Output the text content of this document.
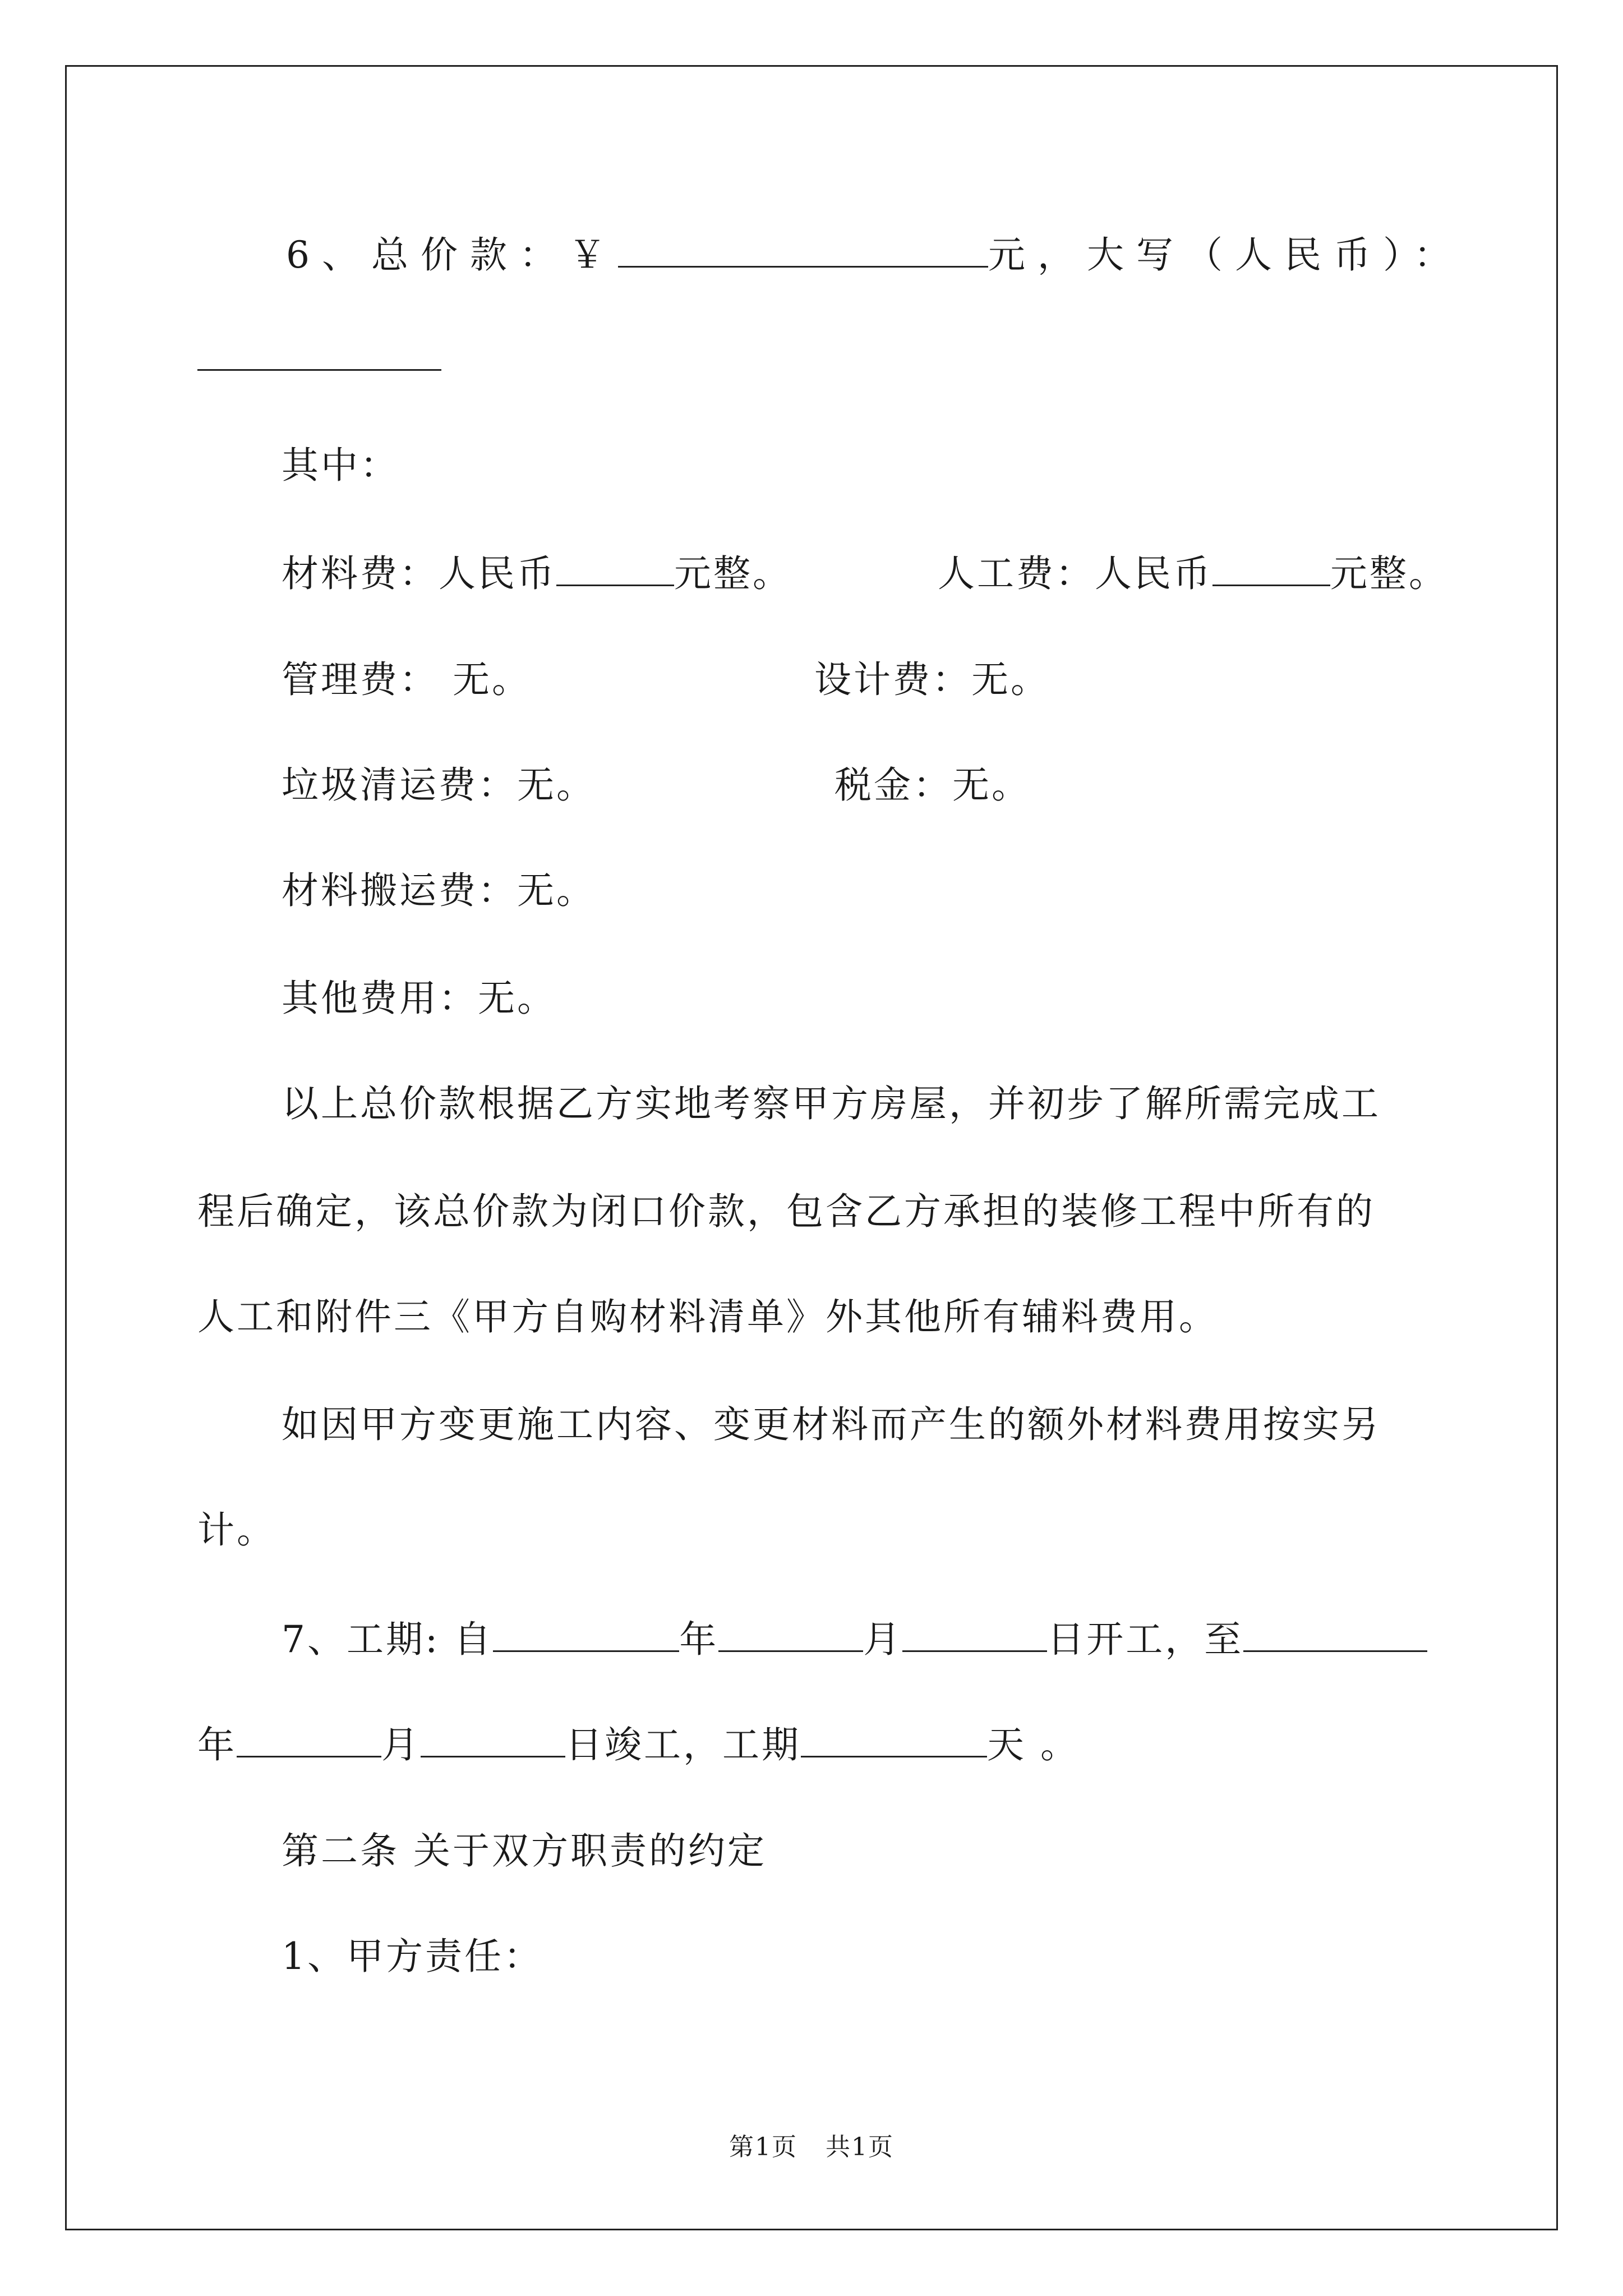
6、总价款：￥	元，大写（人民币）：
其中：
材料费：人民币	元整。	人工费：人民币	元整。
管理费： 无。	设计费：无。
垃圾清运费：无。	税金：无。
材料搬运费：无。
其他费用：无。
以上总价款根据乙方实地考察甲方房屋，并初步了解所需完成工
程后确定，该总价款为闭口价款，包含乙方承担的装修工程中所有的
人工和附件三《甲方自购材料清单》外其他所有辅料费用。
如因甲方变更施工内容、变更材料而产生的额外材料费用按实另
计。
7、工期: 自	年	月	日开工，至
年	月	日竣工，工期	天 。
第二条 关于双方职责的约定
1、甲方责任：
第1页 共1页
